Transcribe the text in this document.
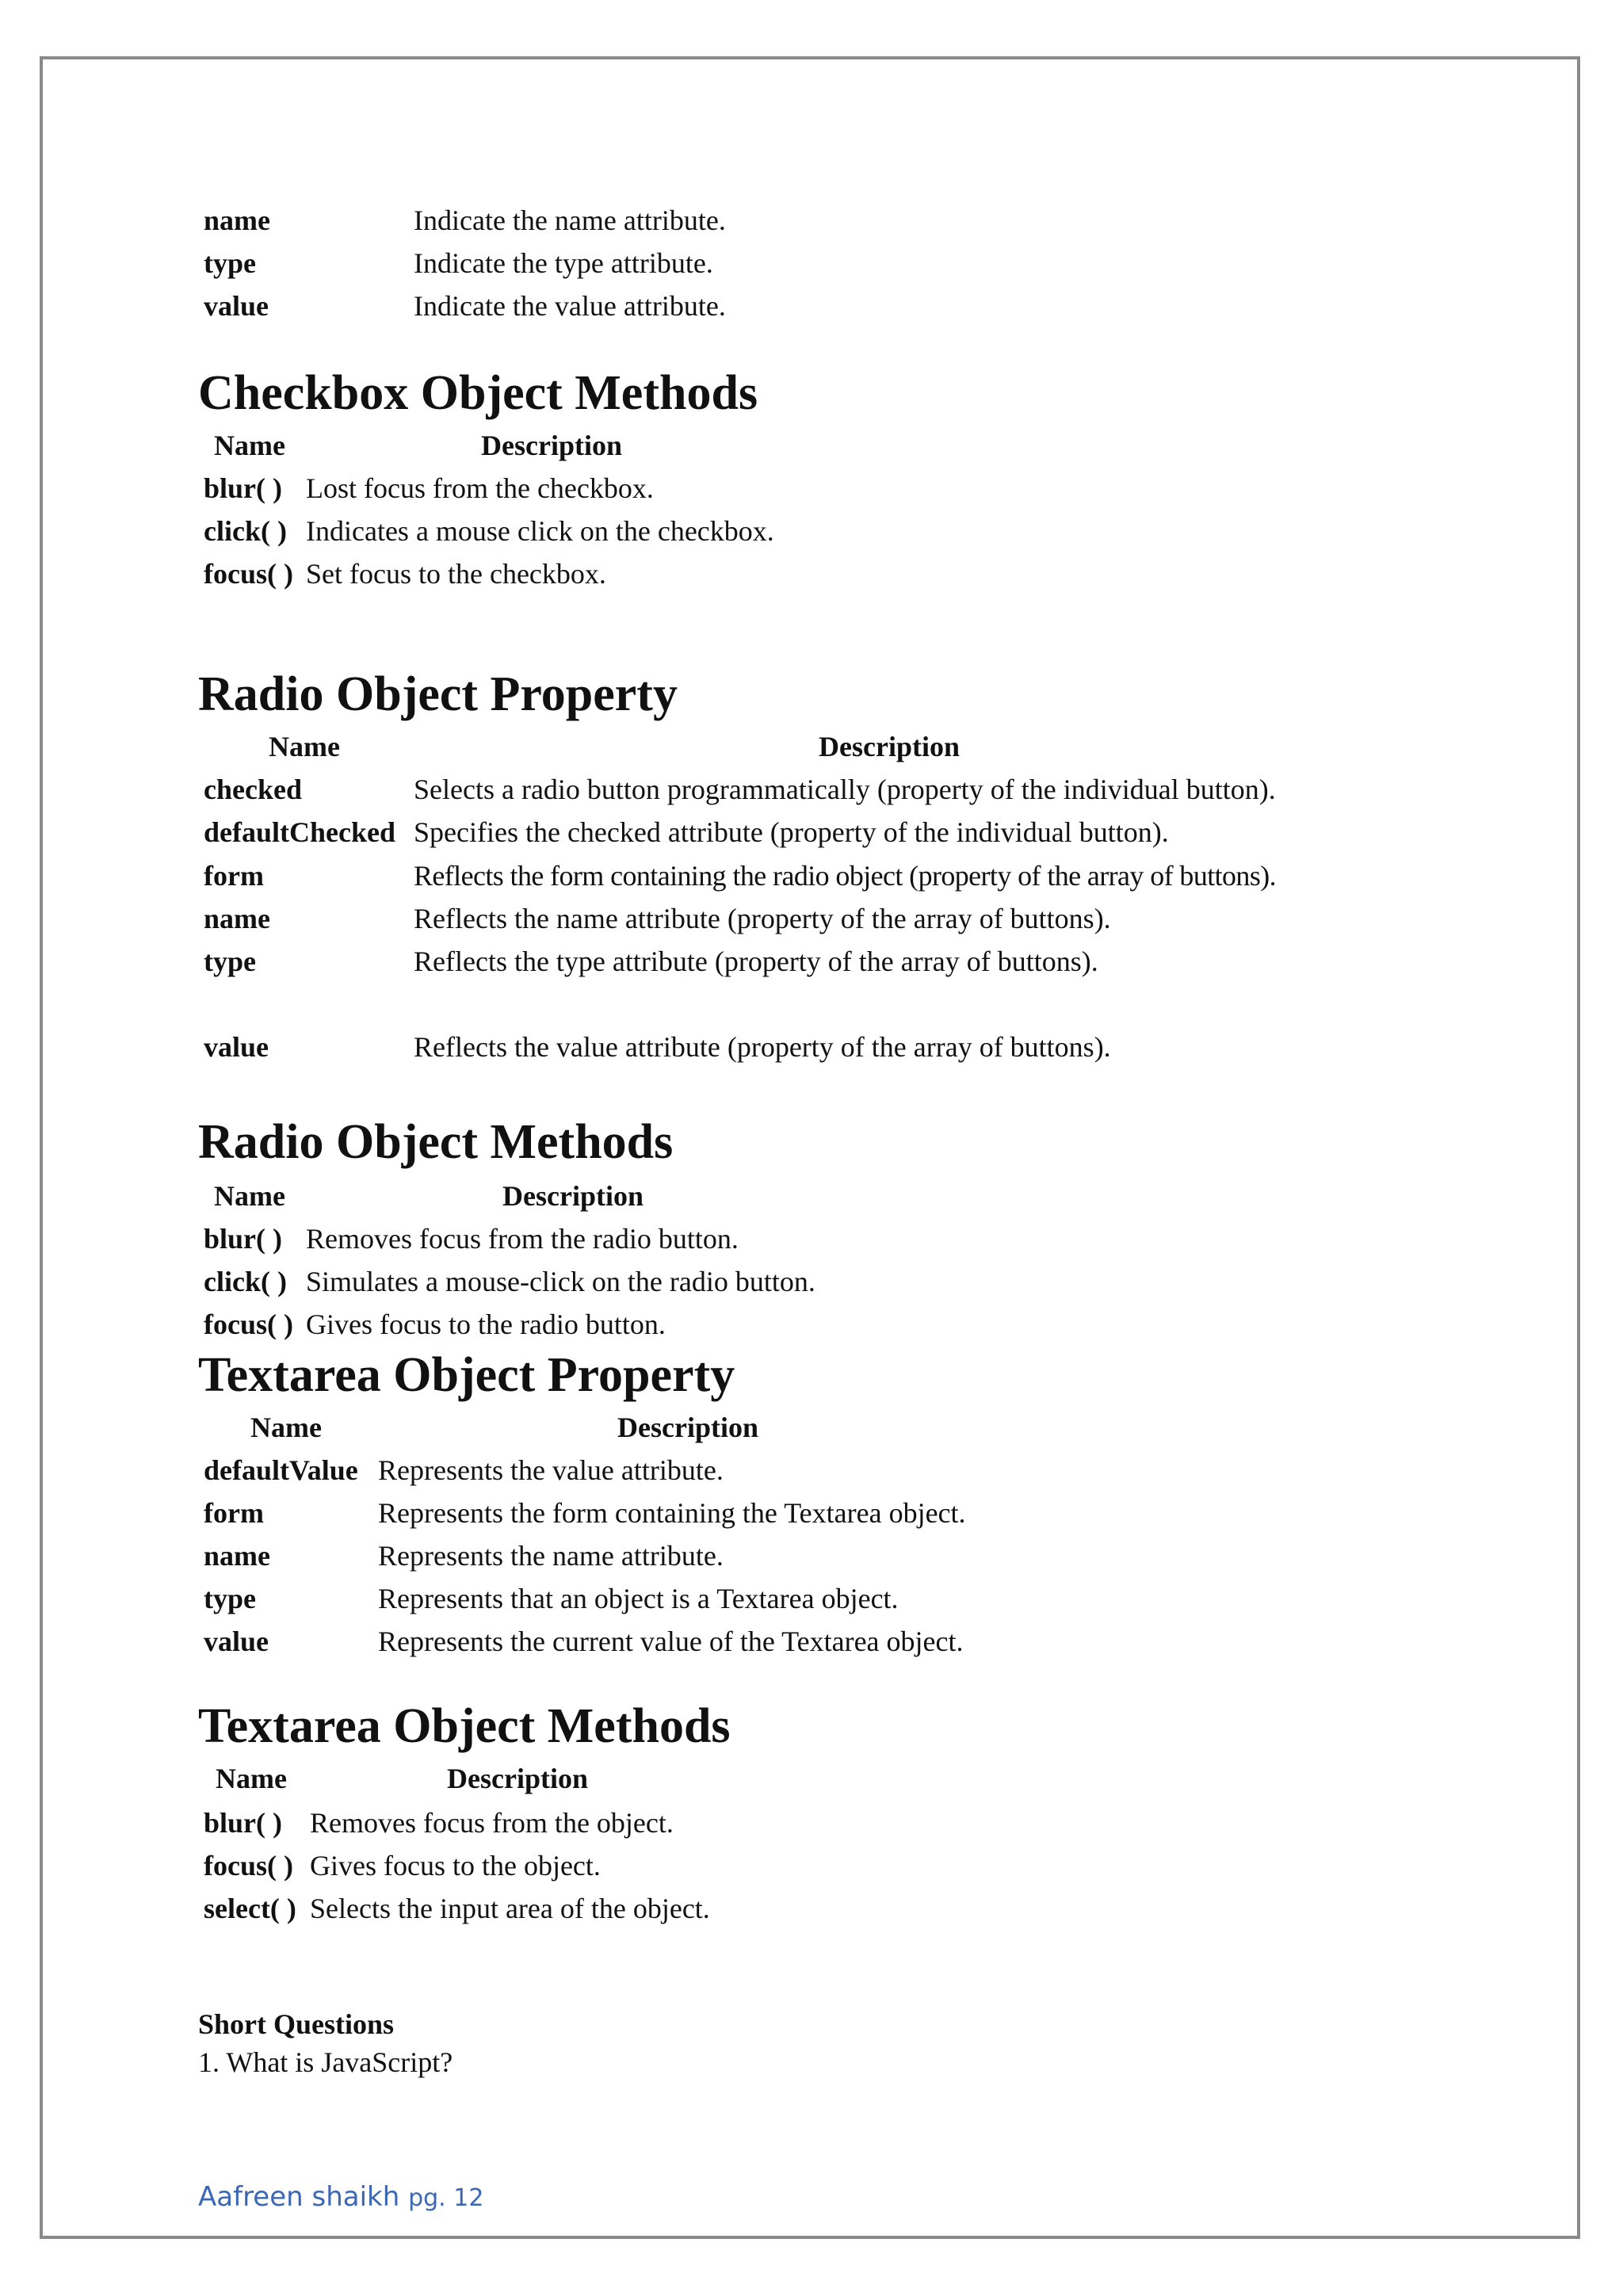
name	Indicate the name attribute.
type	Indicate the type attribute.
value	Indicate the value attribute.
Checkbox Object Methods
Name	Description
blur( ) Lost focus from the checkbox.
click( ) Indicates a mouse click on the checkbox.
focus( ) Set focus to the checkbox.
Radio Object Property
Name	Description
checked	Selects a radio button programmatically (property of the individual button).
defaultChecked Specifies the checked attribute (property of the individual button).
form	Reflects the form containing the radio object (property of the array of buttons).
name	Reflects the name attribute (property of the array of buttons).
type	Reflects the type attribute (property of the array of buttons).
value	Reflects the value attribute (property of the array of buttons).
Radio Object Methods
Name	Description
blur( ) Removes focus from the radio button.
click( ) Simulates a mouse-click on the radio button.
focus( ) Gives focus to the radio button.
Textarea Object Property
Name	Description
defaultValue Represents the value attribute.
form	Represents the form containing the Textarea object.
name	Represents the name attribute.
type	Represents that an object is a Textarea object.
value	Represents the current value of the Textarea object.
Textarea Object Methods
Name	Description
blur( ) Removes focus from the object.
focus( ) Gives focus to the object.
select( ) Selects the input area of the object.
Short Questions
1. What is JavaScript?
Aafreen shaikh pg. 12
